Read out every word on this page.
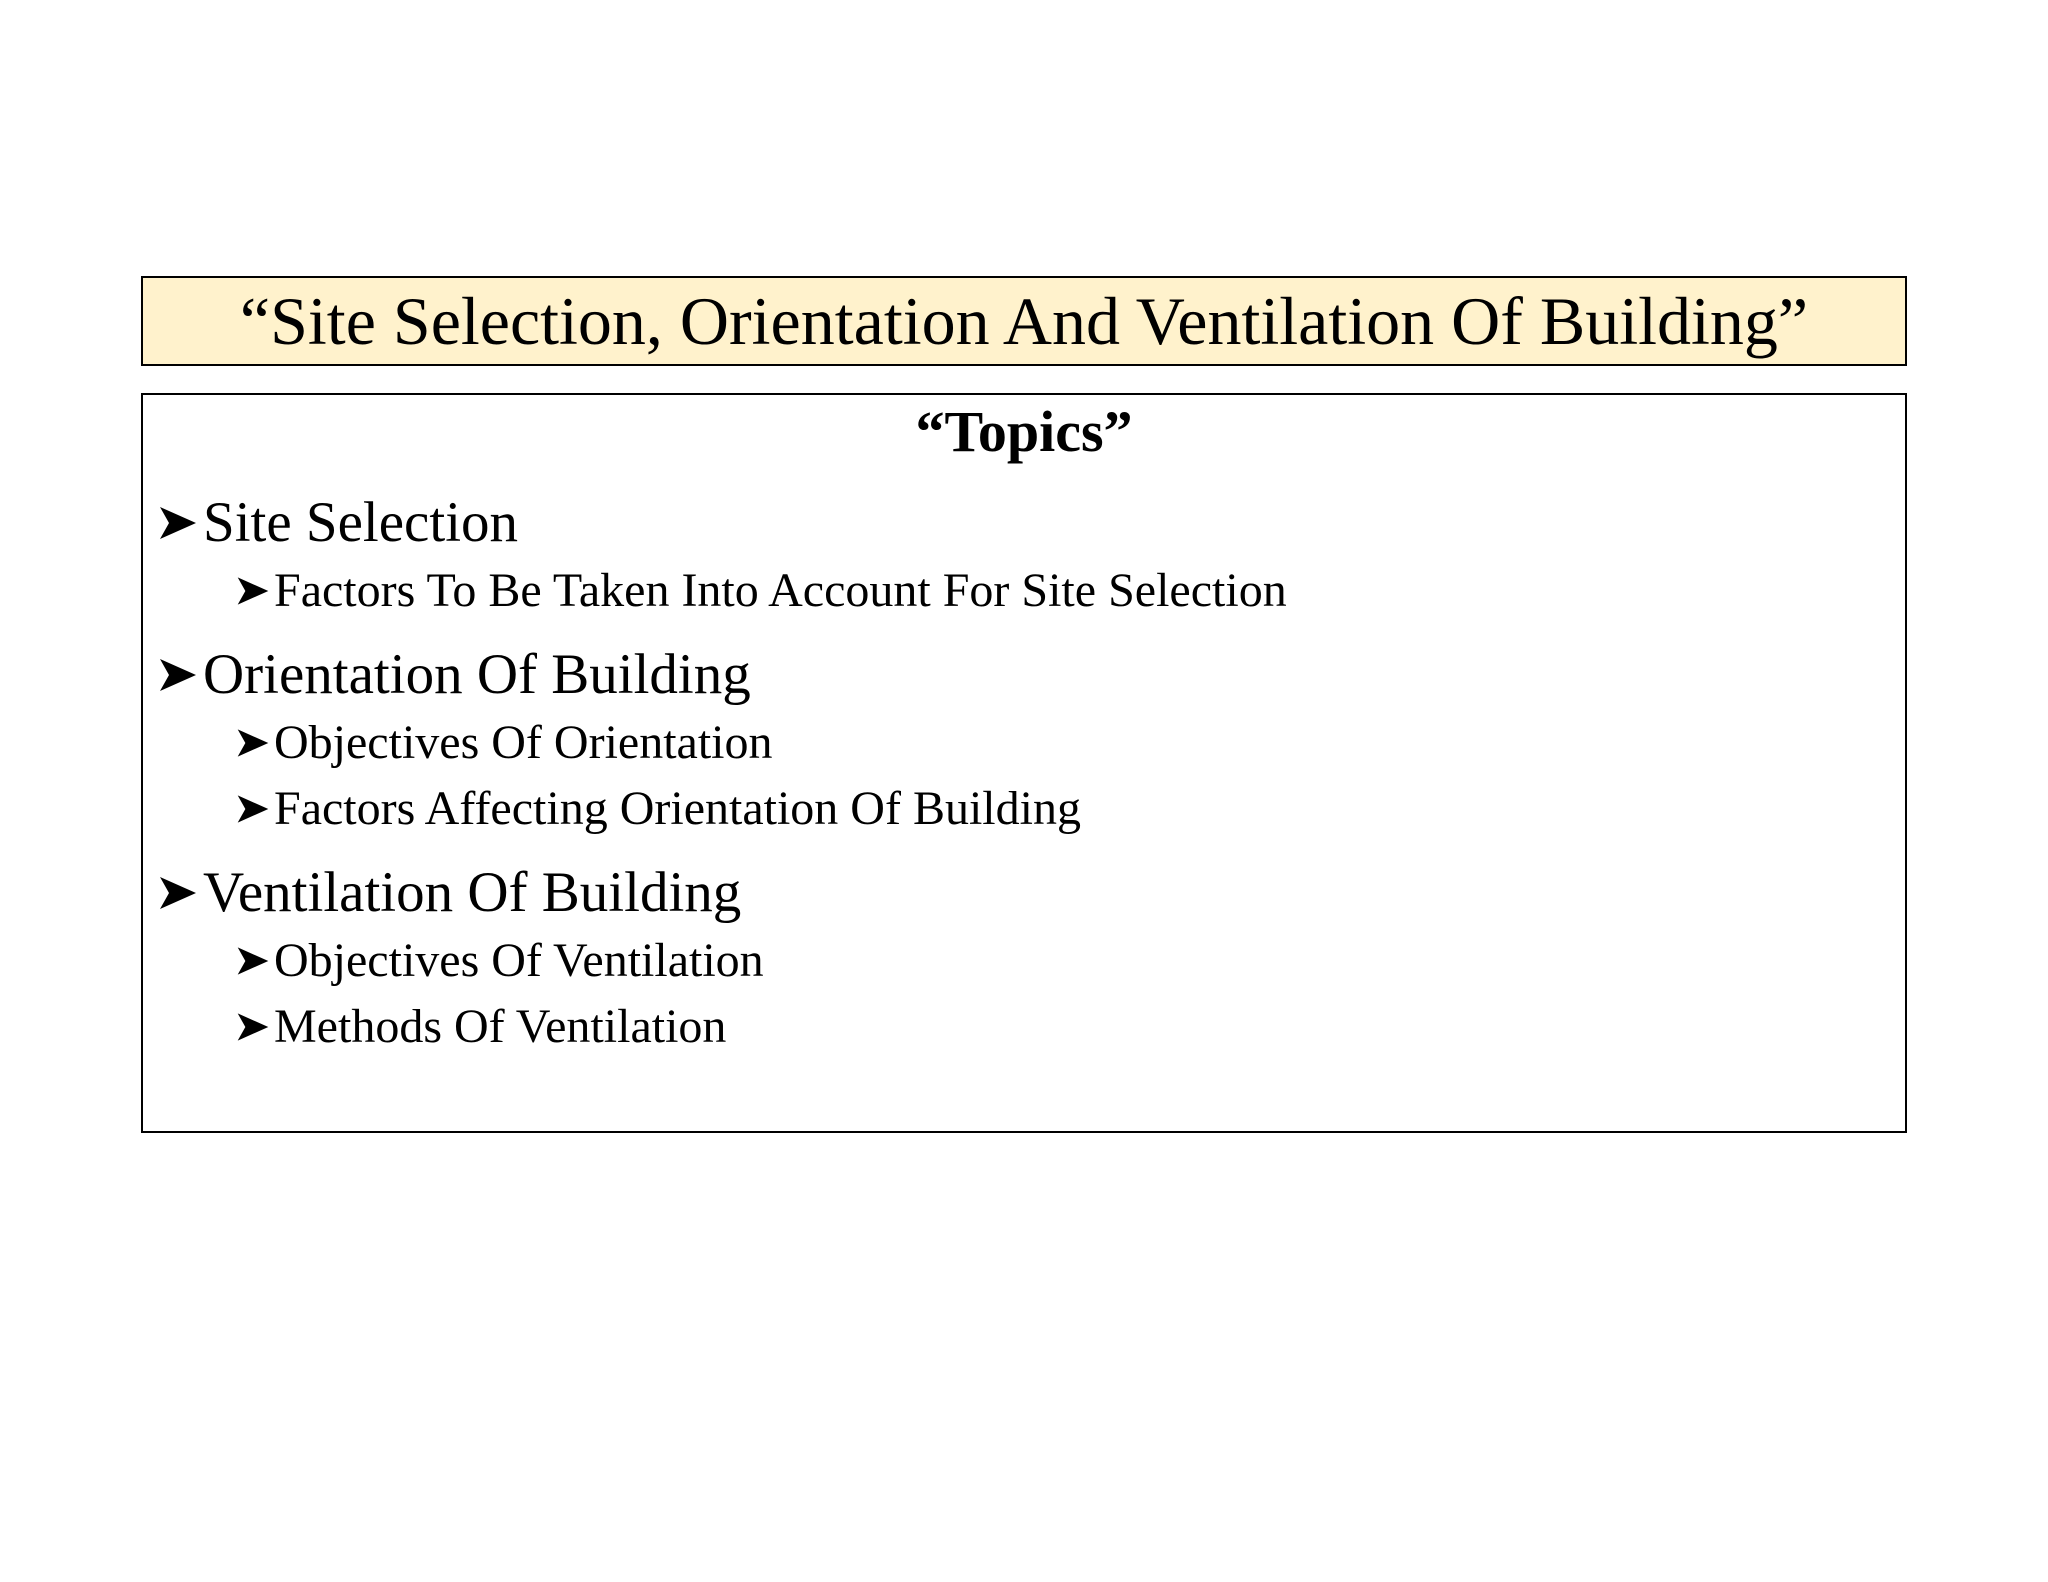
“Site Selection, Orientation And Ventilation Of Building”
“Topics”
Site Selection
Factors To Be Taken Into Account For Site Selection
Orientation Of Building
Objectives Of Orientation
Factors Affecting Orientation Of Building
Ventilation Of Building
Objectives Of Ventilation
Methods Of Ventilation
